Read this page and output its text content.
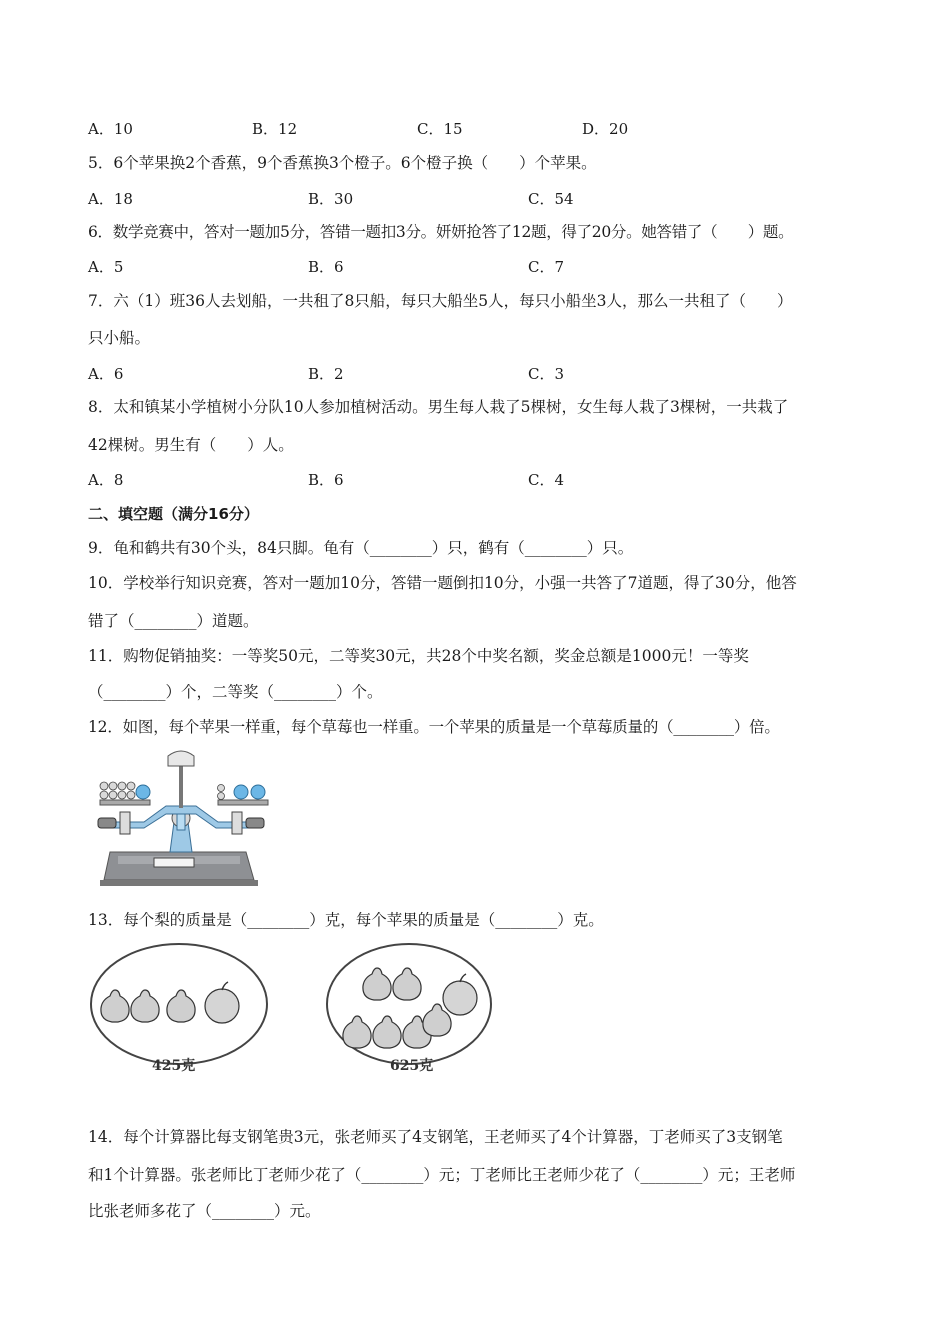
A．10	B．12	C．15	D．20
5．6个苹果换2个香蕉，9个香蕉换3个橙子。6个橙子换（　　）个苹果。
A．18	B．30	C．54
6．数学竞赛中，答对一题加5分，答错一题扣3分。妍妍抢答了12题，得了20分。她答错了（　　）题。
A．5	B．6	C．7
7．六（1）班36人去划船，一共租了8只船，每只大船坐5人，每只小船坐3人，那么一共租了（　　）
只小船。
A．6	B．2	C．3
8．太和镇某小学植树小分队10人参加植树活动。男生每人栽了5棵树，女生每人栽了3棵树，一共栽了
42棵树。男生有（　　）人。
A．8	B．6	C．4
二、填空题（满分16分）
9．龟和鹤共有30个头，84只脚。龟有（________）只，鹤有（________）只。
10．学校举行知识竞赛，答对一题加10分，答错一题倒扣10分，小强一共答了7道题，得了30分，他答
错了（________）道题。
11．购物促销抽奖：一等奖50元，二等奖30元，共28个中奖名额，奖金总额是1000元！一等奖
（________）个，二等奖（________）个。
12．如图，每个苹果一样重，每个草莓也一样重。一个苹果的质量是一个草莓质量的（________）倍。
13．每个梨的质量是（________）克，每个苹果的质量是（________）克。
425克	625克
14．每个计算器比每支钢笔贵3元，张老师买了4支钢笔，王老师买了4个计算器，丁老师买了3支钢笔
和1个计算器。张老师比丁老师少花了（________）元；丁老师比王老师少花了（________）元；王老师
比张老师多花了（________）元。
